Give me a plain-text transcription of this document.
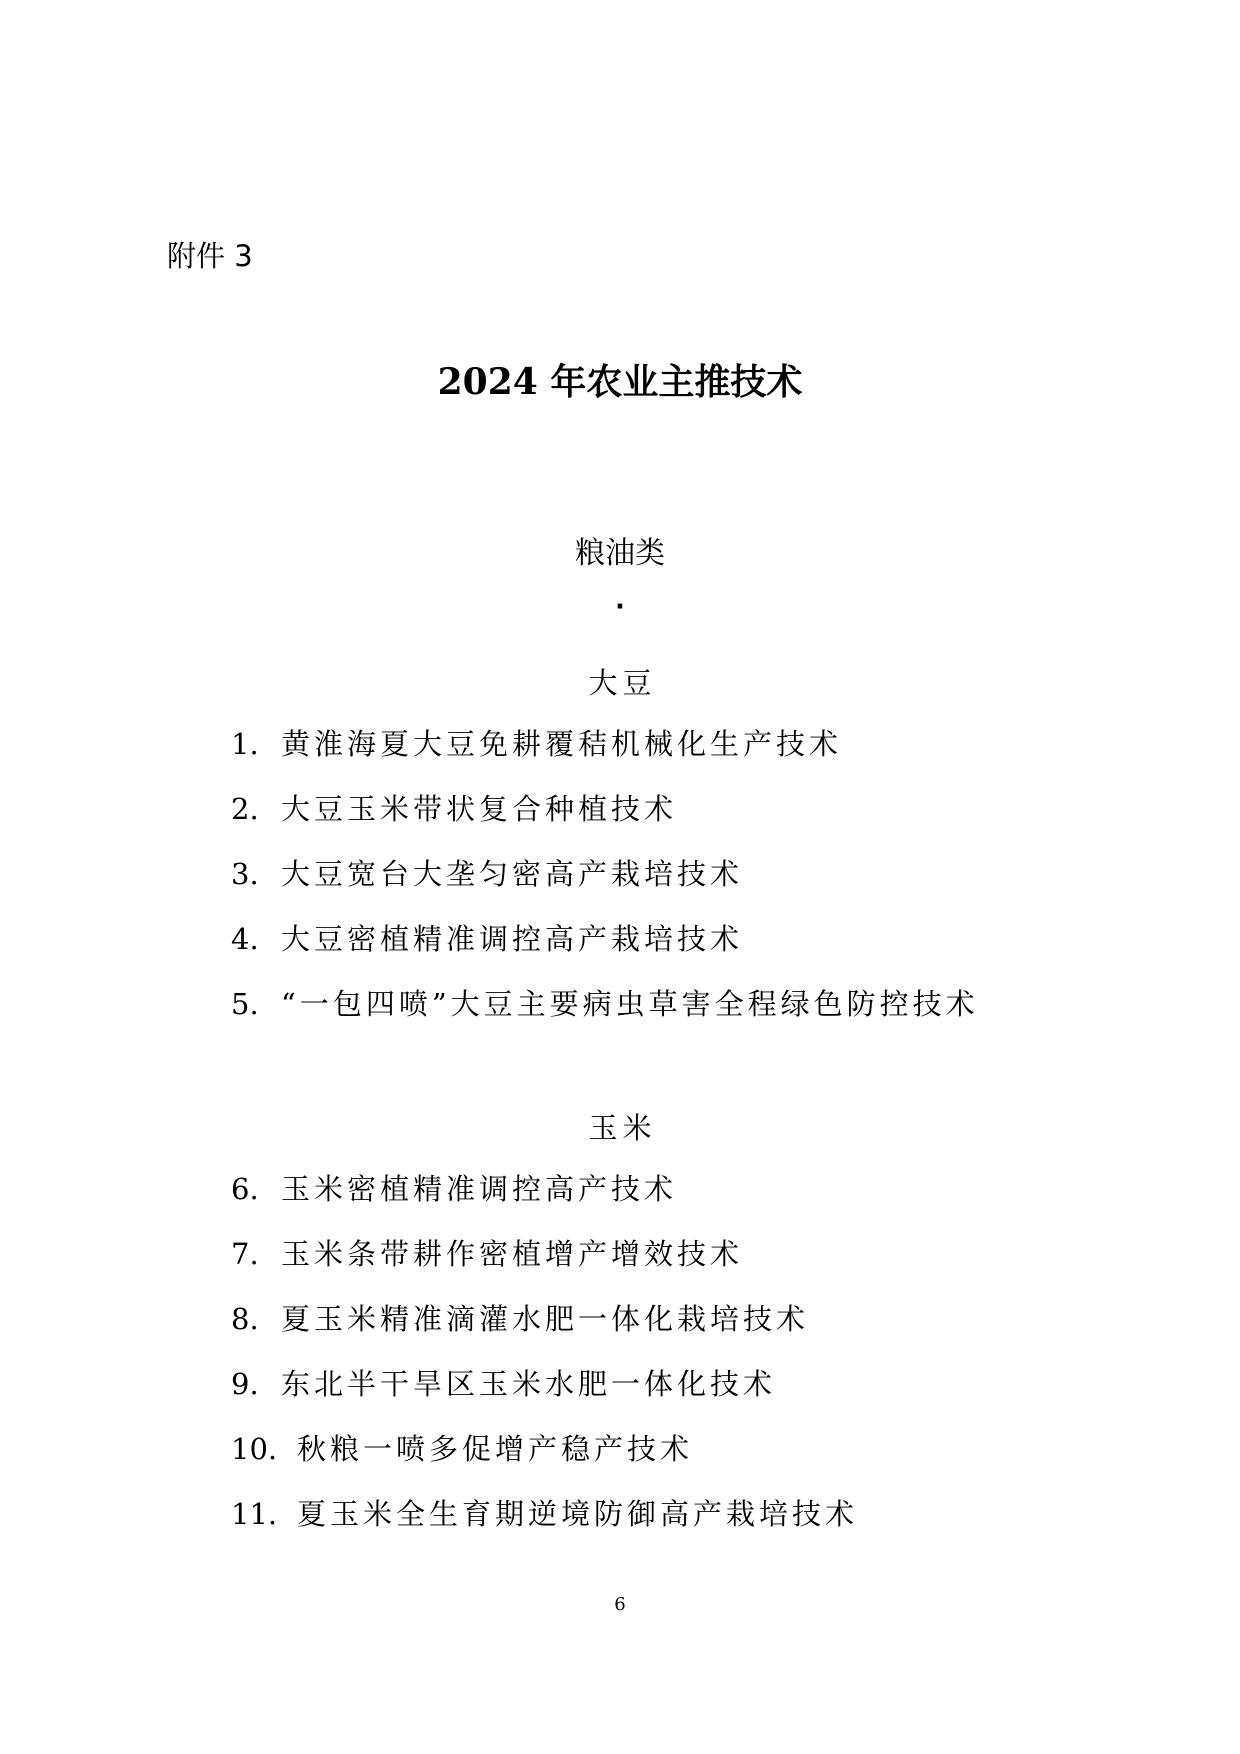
附件 3
2024 年农业主推技术
粮油类
·
大豆
1. 黄淮海夏大豆免耕覆秸机械化生产技术
2. 大豆玉米带状复合种植技术
3. 大豆宽台大垄匀密高产栽培技术
4. 大豆密植精准调控高产栽培技术
5. “一包四喷”大豆主要病虫草害全程绿色防控技术
玉米
6. 玉米密植精准调控高产技术
7. 玉米条带耕作密植增产增效技术
8. 夏玉米精准滴灌水肥一体化栽培技术
9. 东北半干旱区玉米水肥一体化技术
10. 秋粮一喷多促增产稳产技术
11. 夏玉米全生育期逆境防御高产栽培技术
6
